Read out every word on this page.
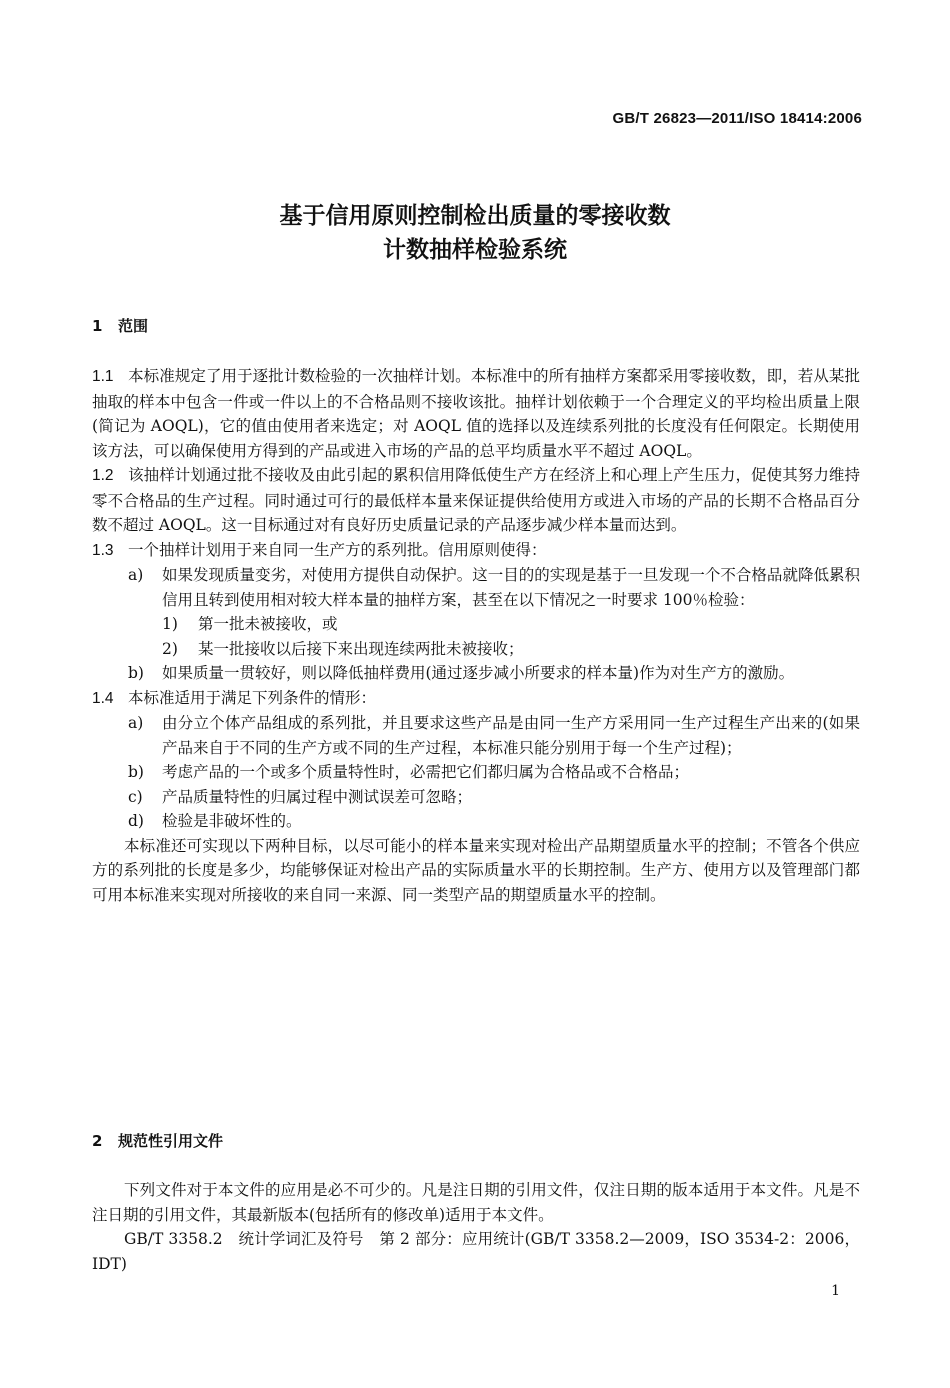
GB/T 26823—2011/ISO 18414:2006
基于信用原则控制检出质量的零接收数
计数抽样检验系统
1 范围

1.1 本标准规定了用于逐批计数检验的一次抽样计划。本标准中的所有抽样方案都采用零接收数，即，若从某批抽取的样本中包含一件或一件以上的不合格品则不接收该批。抽样计划依赖于一个合理定义的平均检出质量上限(简记为 AOQL)，它的值由使用者来选定；对 AOQL 值的选择以及连续系列批的长度没有任何限定。长期使用该方法，可以确保使用方得到的产品或进入市场的产品的总平均质量水平不超过 AOQL。

1.2 该抽样计划通过批不接收及由此引起的累积信用降低使生产方在经济上和心理上产生压力，促使其努力维持零不合格品的生产过程。同时通过可行的最低样本量来保证提供给使用方或进入市场的产品的长期不合格品百分数不超过 AOQL。这一目标通过对有良好历史质量记录的产品逐步减少样本量而达到。

1.3 一个抽样计划用于来自同一生产方的系列批。信用原则使得：

a) 如果发现质量变劣，对使用方提供自动保护。这一目的的实现是基于一旦发现一个不合格品就降低累积信用且转到使用相对较大样本量的抽样方案，甚至在以下情况之一时要求 100％检验：

1) 第一批未被接收，或

2) 某一批接收以后接下来出现连续两批未被接收；

b) 如果质量一贯较好，则以降低抽样费用(通过逐步减小所要求的样本量)作为对生产方的激励。

1.4 本标准适用于满足下列条件的情形：

a) 由分立个体产品组成的系列批，并且要求这些产品是由同一生产方采用同一生产过程生产出来的(如果产品来自于不同的生产方或不同的生产过程，本标准只能分别用于每一个生产过程)；

b) 考虑产品的一个或多个质量特性时，必需把它们都归属为合格品或不合格品；

c) 产品质量特性的归属过程中测试误差可忽略；

d) 检验是非破坏性的。

本标准还可实现以下两种目标，以尽可能小的样本量来实现对检出产品期望质量水平的控制；不管各个供应方的系列批的长度是多少，均能够保证对检出产品的实际质量水平的长期控制。生产方、使用方以及管理部门都可用本标准来实现对所接收的来自同一来源、同一类型产品的期望质量水平的控制。

2 规范性引用文件

下列文件对于本文件的应用是必不可少的。凡是注日期的引用文件，仅注日期的版本适用于本文件。凡是不注日期的引用文件，其最新版本(包括所有的修改单)适用于本文件。

GB/T 3358.2　统计学词汇及符号　第 2 部分：应用统计(GB/T 3358.2—2009，ISO 3534-2：2006，IDT)

1
